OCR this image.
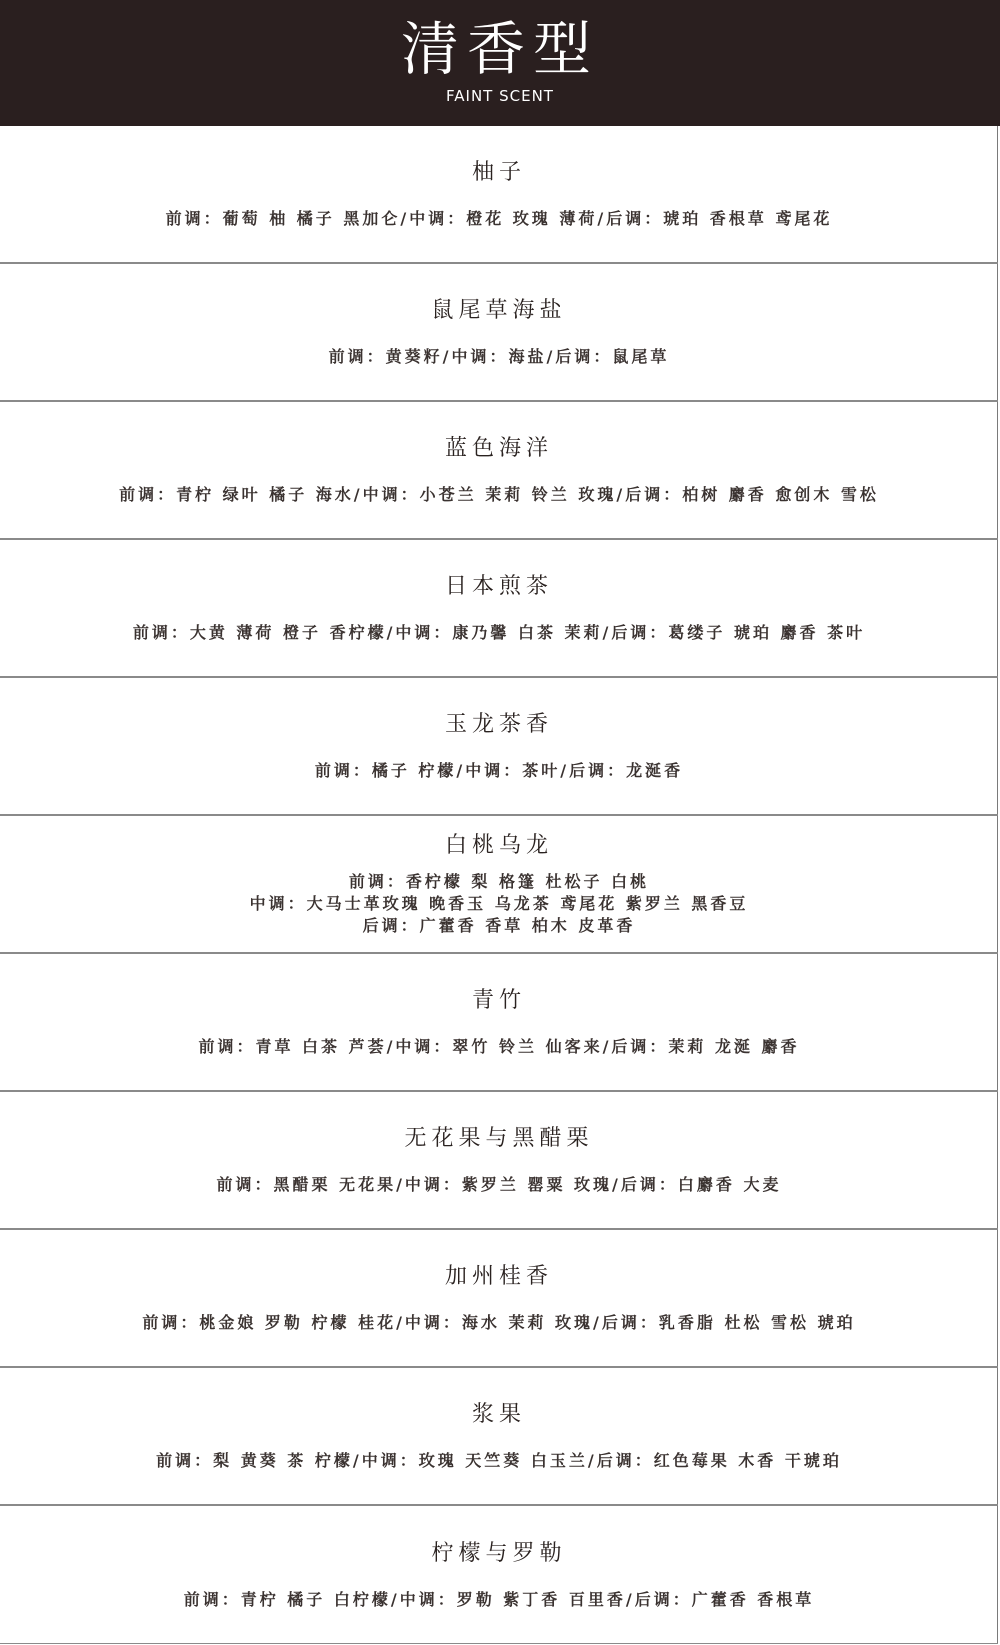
清香型
FAINT SCENT
柚子
前调：葡萄 柚 橘子 黑加仑/中调：橙花 玫瑰 薄荷/后调：琥珀 香根草 鸢尾花
鼠尾草海盐
前调：黄葵籽/中调：海盐/后调：鼠尾草
蓝色海洋
前调：青柠 绿叶 橘子 海水/中调：小苍兰 茉莉 铃兰 玫瑰/后调：柏树 麝香 愈创木 雪松
日本煎茶
前调：大黄 薄荷 橙子 香柠檬/中调：康乃馨 白茶 茉莉/后调：葛缕子 琥珀 麝香 茶叶
玉龙茶香
前调：橘子 柠檬/中调：茶叶/后调：龙涎香
白桃乌龙
前调：香柠檬 梨 格篷 杜松子 白桃
中调：大马士革玫瑰 晚香玉 乌龙茶 鸢尾花 紫罗兰 黑香豆
后调：广藿香 香草 柏木 皮革香
青竹
前调：青草 白茶 芦荟/中调：翠竹 铃兰 仙客来/后调：茉莉 龙涎 麝香
无花果与黑醋栗
前调：黑醋栗 无花果/中调：紫罗兰 罂粟 玫瑰/后调：白麝香 大麦
加州桂香
前调：桃金娘 罗勒 柠檬 桂花/中调：海水 茉莉 玫瑰/后调：乳香脂 杜松 雪松 琥珀
浆果
前调：梨 黄葵 茶 柠檬/中调：玫瑰 天竺葵 白玉兰/后调：红色莓果 木香 干琥珀
柠檬与罗勒
前调：青柠 橘子 白柠檬/中调：罗勒 紫丁香 百里香/后调：广藿香 香根草
